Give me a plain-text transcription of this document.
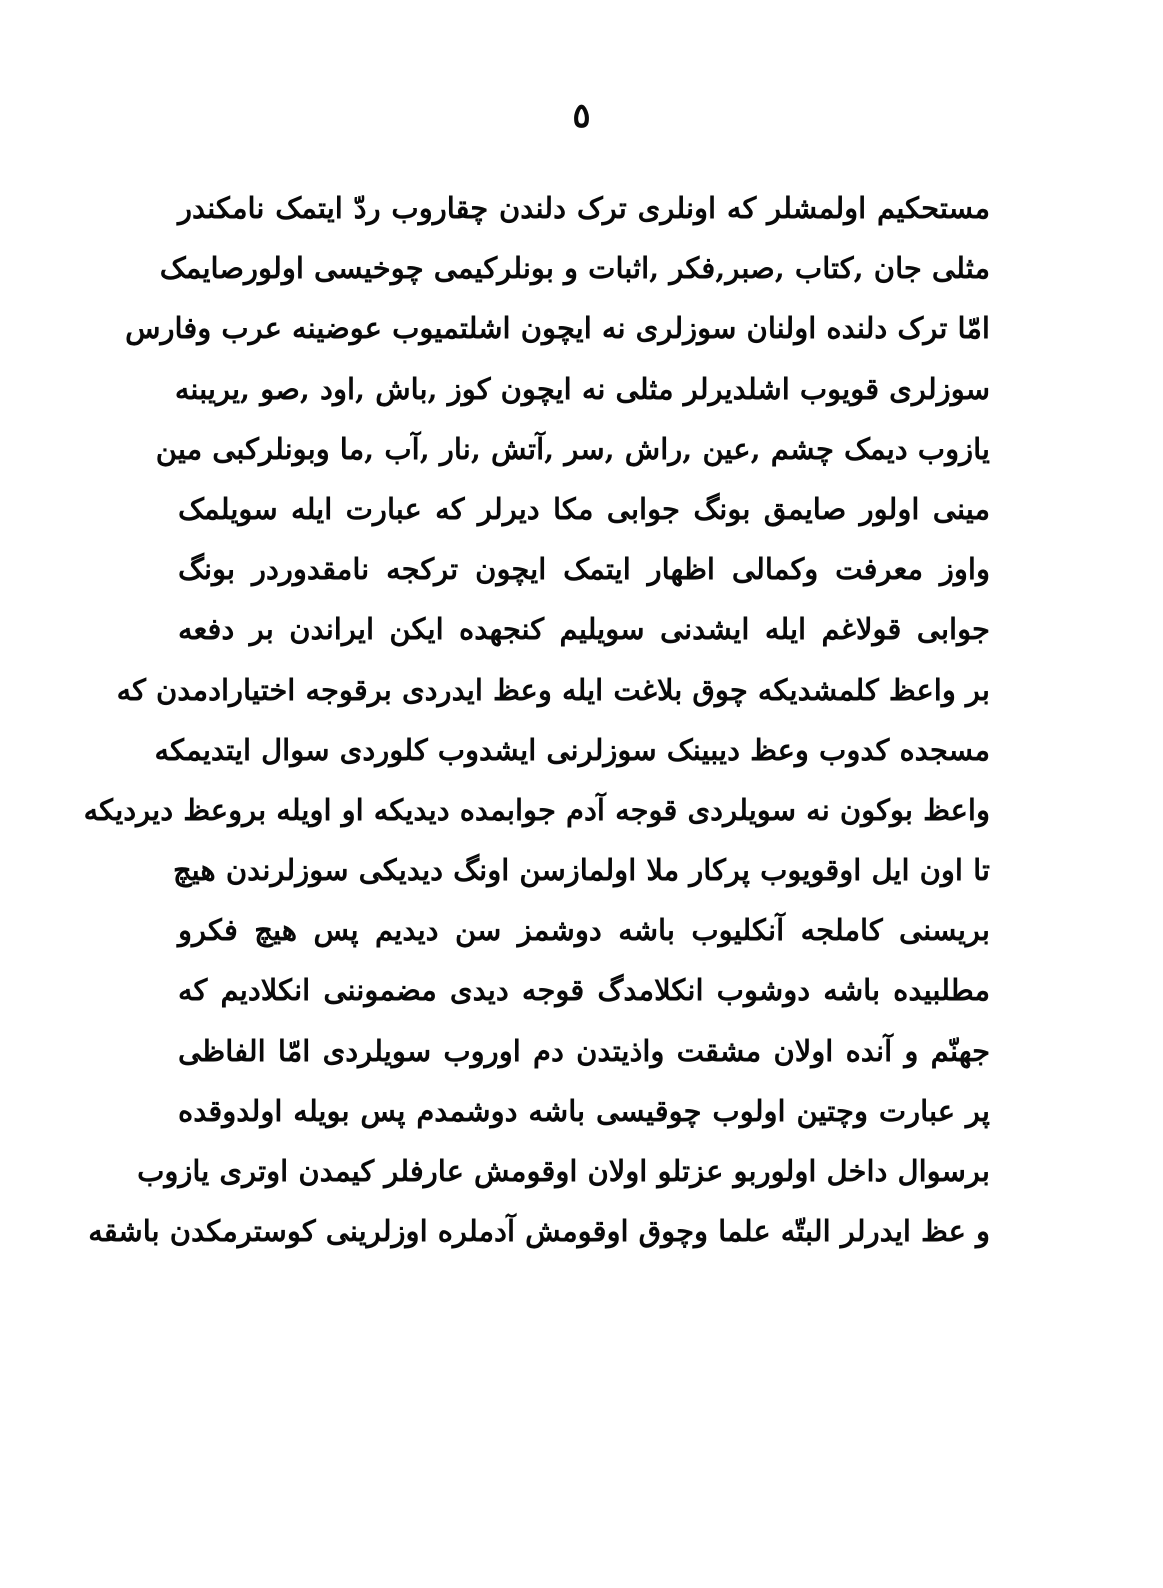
٥
مستحکیم اولمشلر که اونلری ترک دلندن چقاروب ردّ ایتمک نامکندر
مثلی جان ,کتاب ,صبر,فکر ,اثبات و بونلرکیمی چوخیسی اولورصایمک
امّا ترک دلنده اولنان سوزلری نه ایچون اشلتمیوب عوضینه عرب وفارس
سوزلری قویوب اشلدیرلر مثلی نه ایچون کوز ,باش ,اود ,صو ,یریبنه
یازوب دیمک چشم ,عین ,راش ,سر ,آتش ,نار ,آب ,ما وبونلرکبی مین
مینی اولور صایمق بونگ جوابی مکا دیرلر که عبارت ایله سویلمک
واوز معرفت وکمالی اظهار ایتمک ایچون ترکجه نامقدوردر بونگ
جوابی قولاغم ایله ایشدنی سویلیم کنجهده ایکن ایراندن بر دفعه
بر واعظ کلمشدیکه چوق بلاغت ایله وعظ ایدردی برقوجه اختیارادمدن که
مسجده کدوب وعظ دیبینک سوزلرنی ایشدوب کلوردی سوال ایتدیمکه
واعظ بوکون نه سویلردی قوجه آدم جوابمده دیدیکه او اویله بروعظ دیردیکه
تا اون ایل اوقویوب پرکار ملا اولمازسن اونگ دیدیکی سوزلرندن هیچ
بریسنی کاملجه آنکلیوب باشه دوشمز سن دیدیم پس هیچ فکرو
مطلبیده باشه دوشوب انکلامدگ قوجه دیدی مضموننی انکلادیم که
جهنّم و آنده اولان مشقت واذیتدن دم اوروب سویلردی امّا الفاظی
پر عبارت وچتین اولوب چوقیسی باشه دوشمدم پس بویله اولدوقده
برسوال داخل اولوربو عزتلو اولان اوقومش عارفلر کیمدن اوتری یازوب
و عظ ایدرلر البتّه علما وچوق اوقومش آدملره اوزلرینی کوسترمکدن باشقه
